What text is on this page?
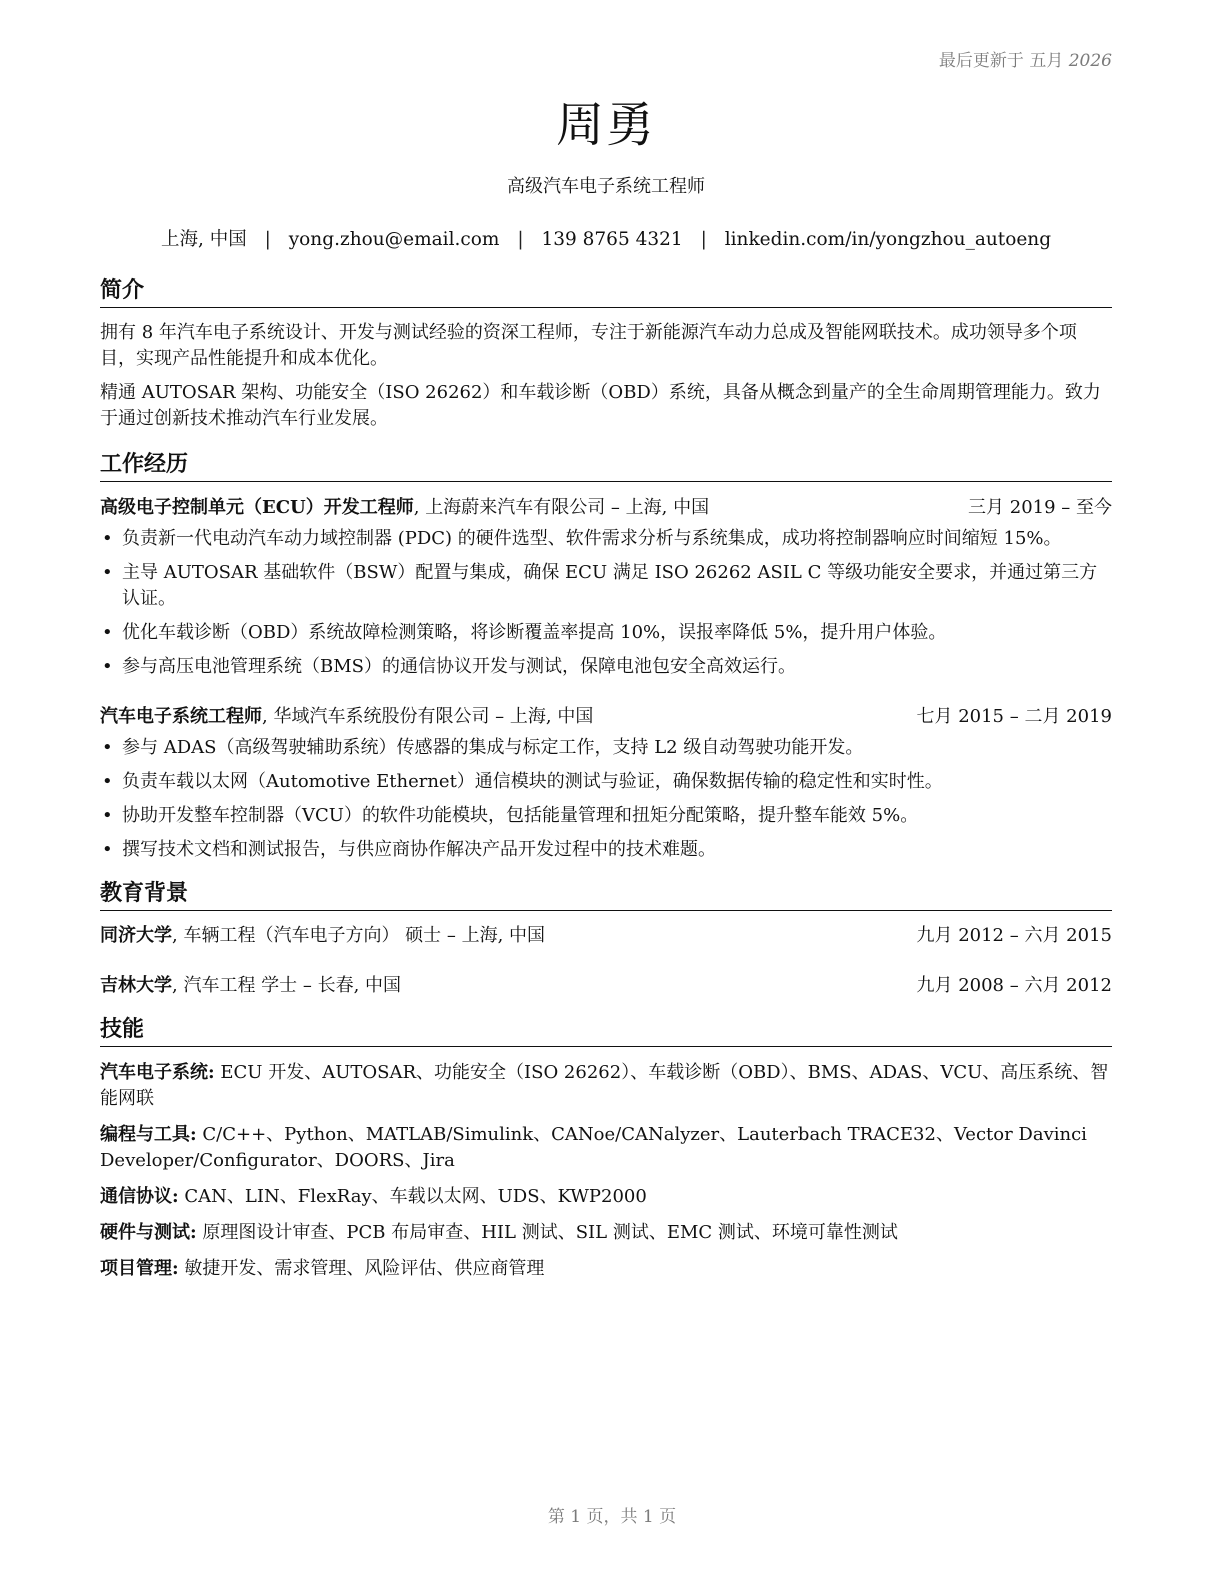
最后更新于 五月 2026
周勇
高级汽车电子系统工程师
上海, 中国 | yong.zhou@email.com | 139 8765 4321 | linkedin.com/in/yongzhou_autoeng
简介
拥有 8 年汽车电子系统设计、开发与测试经验的资深工程师，专注于新能源汽车动力总成及智能网联技术。成功领导多个项目，实现产品性能提升和成本优化。
精通 AUTOSAR 架构、功能安全（ISO 26262）和车载诊断（OBD）系统，具备从概念到量产的全生命周期管理能力。致力于通过创新技术推动汽车行业发展。
工作经历
高级电子控制单元（ECU）开发工程师, 上海蔚来汽车有限公司 – 上海, 中国	三月 2019 – 至今
• 负责新一代电动汽车动力域控制器 (PDC) 的硬件选型、软件需求分析与系统集成，成功将控制器响应时间缩短 15%。
• 主导 AUTOSAR 基础软件（BSW）配置与集成，确保 ECU 满足 ISO 26262 ASIL C 等级功能安全要求，并通过第三方认证。
• 优化车载诊断（OBD）系统故障检测策略，将诊断覆盖率提高 10%，误报率降低 5%，提升用户体验。
• 参与高压电池管理系统（BMS）的通信协议开发与测试，保障电池包安全高效运行。
汽车电子系统工程师, 华域汽车系统股份有限公司 – 上海, 中国	七月 2015 – 二月 2019
• 参与 ADAS（高级驾驶辅助系统）传感器的集成与标定工作，支持 L2 级自动驾驶功能开发。
• 负责车载以太网（Automotive Ethernet）通信模块的测试与验证，确保数据传输的稳定性和实时性。
• 协助开发整车控制器（VCU）的软件功能模块，包括能量管理和扭矩分配策略，提升整车能效 5%。
• 撰写技术文档和测试报告，与供应商协作解决产品开发过程中的技术难题。
教育背景
同济大学, 车辆工程（汽车电子方向） 硕士 – 上海, 中国	九月 2012 – 六月 2015
吉林大学, 汽车工程 学士 – 长春, 中国	九月 2008 – 六月 2012
技能
汽车电子系统: ECU 开发、AUTOSAR、功能安全（ISO 26262）、车载诊断（OBD）、BMS、ADAS、VCU、高压系统、智能网联
编程与工具: C/C++、Python、MATLAB/Simulink、CANoe/CANalyzer、Lauterbach TRACE32、Vector Davinci Developer/Configurator、DOORS、Jira
通信协议: CAN、LIN、FlexRay、车载以太网、UDS、KWP2000
硬件与测试: 原理图设计审查、PCB 布局审查、HIL 测试、SIL 测试、EMC 测试、环境可靠性测试
项目管理: 敏捷开发、需求管理、风险评估、供应商管理
第 1 页，共 1 页
